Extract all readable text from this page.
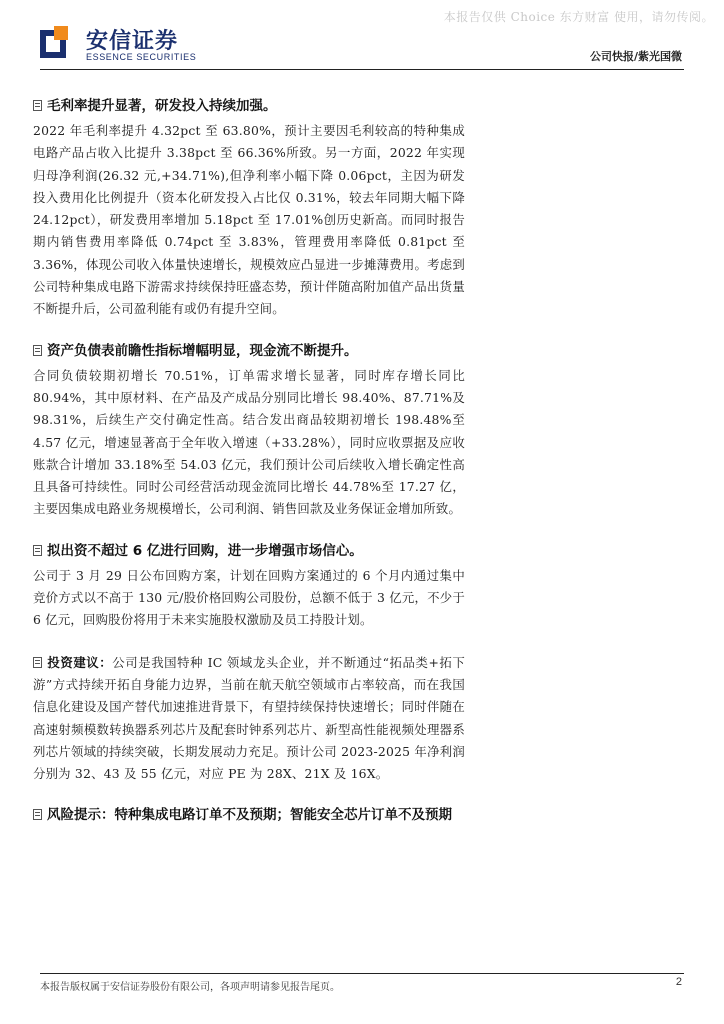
本报告仅供 Choice 东方财富 使用，请勿传阅。
安信证券
ESSENCE SECURITIES	公司快报/紫光国微
毛利率提升显著，研发投入持续加强。

2022 年毛利率提升 4.32pct 至 63.80%，预计主要因毛利较高的特种集成电路产品占收入比提升 3.38pct 至 66.36%所致。另一方面，2022 年实现归母净利润(26.32 元,+34.71%),但净利率小幅下降 0.06pct，主因为研发投入费用化比例提升（资本化研发投入占比仅 0.31%，较去年同期大幅下降 24.12pct），研发费用率增加 5.18pct 至 17.01%创历史新高。而同时报告期内销售费用率降低 0.74pct 至 3.83%，管理费用率降低 0.81pct 至 3.36%，体现公司收入体量快速增长，规模效应凸显进一步摊薄费用。考虑到公司特种集成电路下游需求持续保持旺盛态势，预计伴随高附加值产品出货量不断提升后，公司盈利能有或仍有提升空间。

资产负债表前瞻性指标增幅明显，现金流不断提升。

合同负债较期初增长 70.51%，订单需求增长显著，同时库存增长同比 80.94%，其中原材料、在产品及产成品分别同比增长 98.40%、87.71%及 98.31%，后续生产交付确定性高。结合发出商品较期初增长 198.48%至 4.57 亿元，增速显著高于全年收入增速（+33.28%），同时应收票据及应收账款合计增加 33.18%至 54.03 亿元，我们预计公司后续收入增长确定性高且具备可持续性。同时公司经营活动现金流同比增长 44.78%至 17.27 亿，主要因集成电路业务规模增长，公司利润、销售回款及业务保证金增加所致。

拟出资不超过 6 亿进行回购，进一步增强市场信心。

公司于 3 月 29 日公布回购方案，计划在回购方案通过的 6 个月内通过集中竞价方式以不高于 130 元/股价格回购公司股份，总额不低于 3 亿元，不少于 6 亿元，回购股份将用于未来实施股权激励及员工持股计划。

投资建议：公司是我国特种 IC 领域龙头企业，并不断通过“拓品类+拓下游”方式持续开拓自身能力边界，当前在航天航空领域市占率较高，而在我国信息化建设及国产替代加速推进背景下，有望持续保持快速增长；同时伴随在高速射频模数转换器系列芯片及配套时钟系列芯片、新型高性能视频处理器系列芯片领域的持续突破，长期发展动力充足。预计公司 2023-2025 年净利润分别为 32、43 及 55 亿元，对应 PE 为 28X、21X 及 16X。

风险提示：特种集成电路订单不及预期；智能安全芯片订单不及预期
本报告版权属于安信证券股份有限公司，各项声明请参见报告尾页。	2
